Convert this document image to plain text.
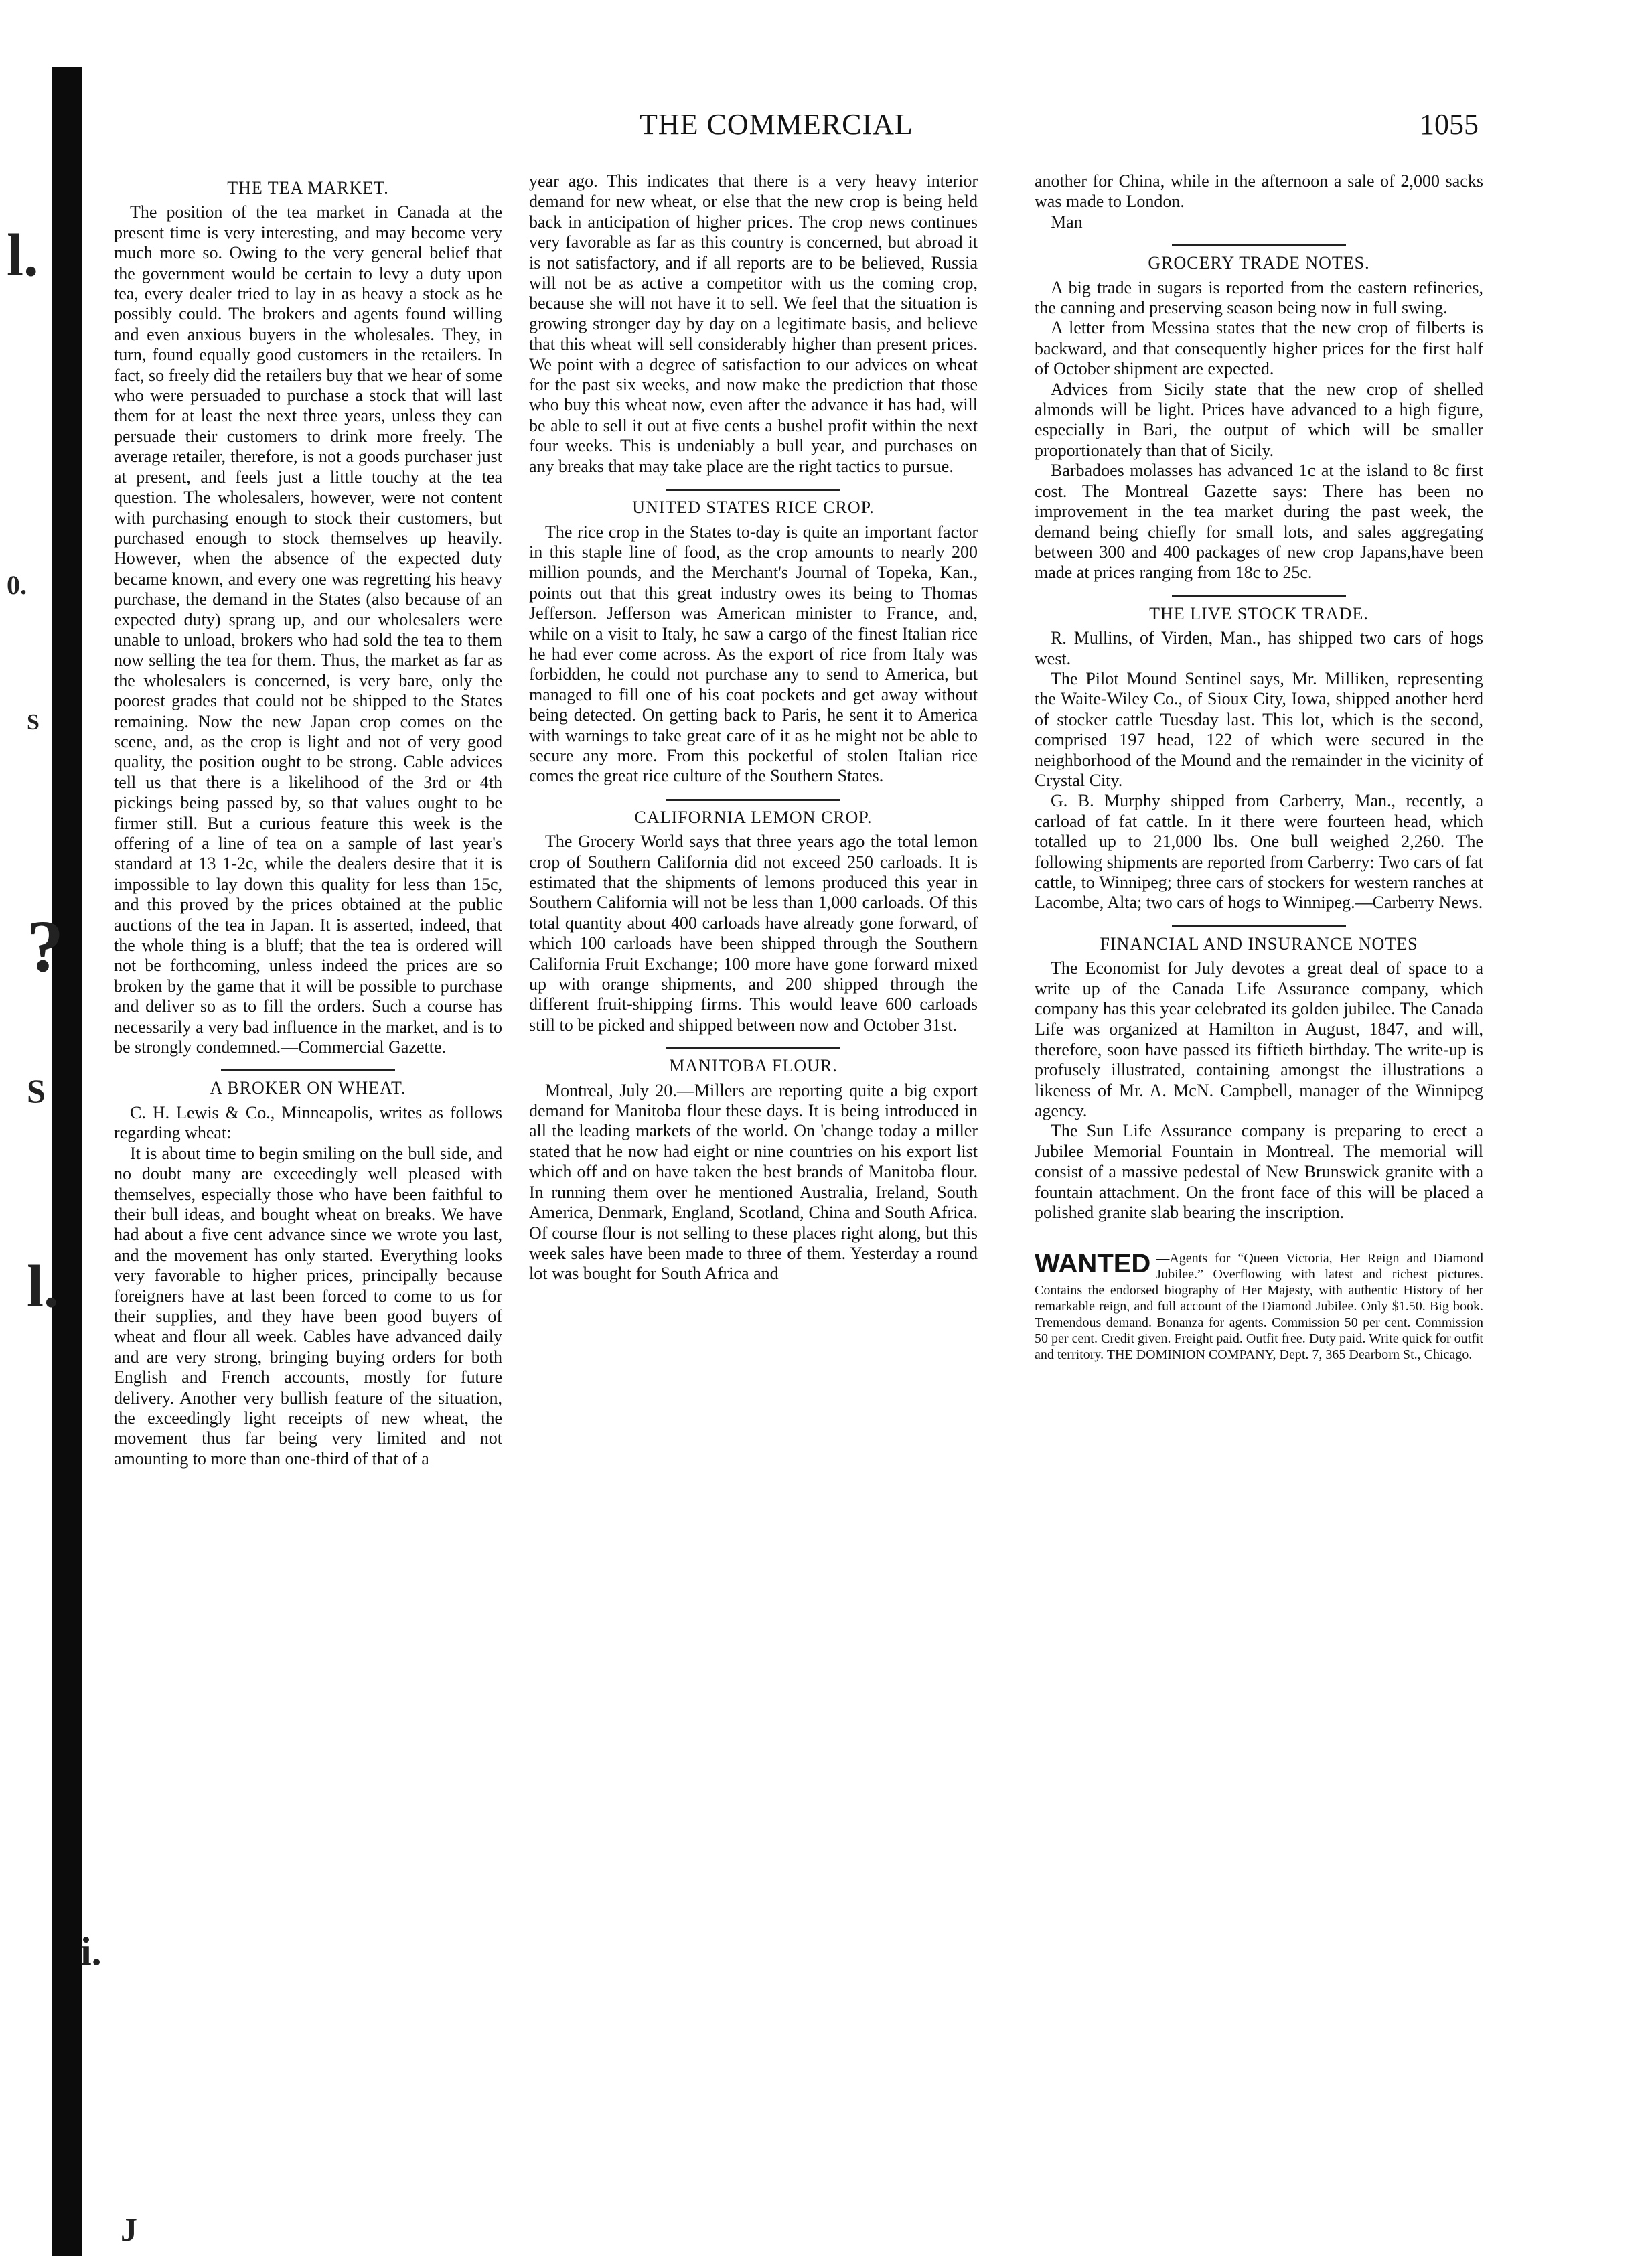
l.
0.
S
?
S
l.
i.
J
THE COMMERCIAL	1055
THE TEA MARKET.

The position of the tea market in Canada at the present time is very interesting, and may become very much more so. Owing to the very general belief that the government would be certain to levy a duty upon tea, every dealer tried to lay in as heavy a stock as he possibly could. The brokers and agents found willing and even anxious buyers in the wholesales. They, in turn, found equally good customers in the retailers. In fact, so freely did the retailers buy that we hear of some who were persuaded to purchase a stock that will last them for at least the next three years, unless they can persuade their customers to drink more freely. The average retailer, therefore, is not a goods purchaser just at present, and feels just a little touchy at the tea question. The wholesalers, however, were not content with purchasing enough to stock their customers, but purchased enough to stock themselves up heavily. However, when the absence of the expected duty became known, and every one was regretting his heavy purchase, the demand in the States (also because of an expected duty) sprang up, and our wholesalers were unable to unload, brokers who had sold the tea to them now selling the tea for them. Thus, the market as far as the wholesalers is concerned, is very bare, only the poorest grades that could not be shipped to the States remaining. Now the new Japan crop comes on the scene, and, as the crop is light and not of very good quality, the position ought to be strong. Cable advices tell us that there is a likelihood of the 3rd or 4th pickings being passed by, so that values ought to be firmer still. But a curious feature this week is the offering of a line of tea on a sample of last year's standard at 13 1-2c, while the dealers desire that it is impossible to lay down this quality for less than 15c, and this proved by the prices obtained at the public auctions of the tea in Japan. It is asserted, indeed, that the whole thing is a bluff; that the tea is ordered will not be forthcoming, unless indeed the prices are so broken by the game that it will be possible to purchase and deliver so as to fill the orders. Such a course has necessarily a very bad influence in the market, and is to be strongly condemned.—Commercial Gazette.

A BROKER ON WHEAT.

C. H. Lewis & Co., Minneapolis, writes as follows regarding wheat:

It is about time to begin smiling on the bull side, and no doubt many are exceedingly well pleased with themselves, especially those who have been faithful to their bull ideas, and bought wheat on breaks. We have had about a five cent advance since we wrote you last, and the movement has only started. Everything looks very favorable to higher prices, principally because foreigners have at last been forced to come to us for their supplies, and they have been good buyers of wheat and flour all week. Cables have advanced daily and are very strong, bringing buying orders for both English and French accounts, mostly for future delivery. Another very bullish feature of the situation, the exceedingly light receipts of new wheat, the movement thus far being very limited and not amounting to more than one-third of that of a

year ago. This indicates that there is a very heavy interior demand for new wheat, or else that the new crop is being held back in anticipation of higher prices. The crop news continues very favorable as far as this country is concerned, but abroad it is not satisfactory, and if all reports are to be believed, Russia will not be as active a competitor with us the coming crop, because she will not have it to sell. We feel that the situation is growing stronger day by day on a legitimate basis, and believe that this wheat will sell considerably higher than present prices. We point with a degree of satisfaction to our advices on wheat for the past six weeks, and now make the prediction that those who buy this wheat now, even after the advance it has had, will be able to sell it out at five cents a bushel profit within the next four weeks. This is undeniably a bull year, and purchases on any breaks that may take place are the right tactics to pursue.

UNITED STATES RICE CROP.

The rice crop in the States to-day is quite an important factor in this staple line of food, as the crop amounts to nearly 200 million pounds, and the Merchant's Journal of Topeka, Kan., points out that this great industry owes its being to Thomas Jefferson. Jefferson was American minister to France, and, while on a visit to Italy, he saw a cargo of the finest Italian rice he had ever come across. As the export of rice from Italy was forbidden, he could not purchase any to send to America, but managed to fill one of his coat pockets and get away without being detected. On getting back to Paris, he sent it to America with warnings to take great care of it as he might not be able to secure any more. From this pocketful of stolen Italian rice comes the great rice culture of the Southern States.

CALIFORNIA LEMON CROP.

The Grocery World says that three years ago the total lemon crop of Southern California did not exceed 250 carloads. It is estimated that the shipments of lemons produced this year in Southern California will not be less than 1,000 carloads. Of this total quantity about 400 carloads have already gone forward, of which 100 carloads have been shipped through the Southern California Fruit Exchange; 100 more have gone forward mixed up with orange shipments, and 200 shipped through the different fruit-shipping firms. This would leave 600 carloads still to be picked and shipped between now and October 31st.

MANITOBA FLOUR.

Montreal, July 20.—Millers are reporting quite a big export demand for Manitoba flour these days. It is being introduced in all the leading markets of the world. On 'change today a miller stated that he now had eight or nine countries on his export list which off and on have taken the best brands of Manitoba flour. In running them over he mentioned Australia, Ireland, South America, Denmark, England, Scotland, China and South Africa. Of course flour is not selling to these places right along, but this week sales have been made to three of them. Yesterday a round lot was bought for South Africa and

another for China, while in the afternoon a sale of 2,000 sacks was made to London.

Man

GROCERY TRADE NOTES.

A big trade in sugars is reported from the eastern refineries, the canning and preserving season being now in full swing.

A letter from Messina states that the new crop of filberts is backward, and that consequently higher prices for the first half of October shipment are expected.

Advices from Sicily state that the new crop of shelled almonds will be light. Prices have advanced to a high figure, especially in Bari, the output of which will be smaller proportionately than that of Sicily.

Barbadoes molasses has advanced 1c at the island to 8c first cost. The Montreal Gazette says: There has been no improvement in the tea market during the past week, the demand being chiefly for small lots, and sales aggregating between 300 and 400 packages of new crop Japans,have been made at prices ranging from 18c to 25c.

THE LIVE STOCK TRADE.

R. Mullins, of Virden, Man., has shipped two cars of hogs west.

The Pilot Mound Sentinel says, Mr. Milliken, representing the Waite-Wiley Co., of Sioux City, Iowa, shipped another herd of stocker cattle Tuesday last. This lot, which is the second, comprised 197 head, 122 of which were secured in the neighborhood of the Mound and the remainder in the vicinity of Crystal City.

G. B. Murphy shipped from Carberry, Man., recently, a carload of fat cattle. In it there were fourteen head, which totalled up to 21,000 lbs. One bull weighed 2,260. The following shipments are reported from Carberry: Two cars of fat cattle, to Winnipeg; three cars of stockers for western ranches at Lacombe, Alta; two cars of hogs to Winnipeg.—Carberry News.

FINANCIAL AND INSURANCE NOTES

The Economist for July devotes a great deal of space to a write up of the Canada Life Assurance company, which company has this year celebrated its golden jubilee. The Canada Life was organized at Hamilton in August, 1847, and will, therefore, soon have passed its fiftieth birthday. The write-up is profusely illustrated, containing amongst the illustrations a likeness of Mr. A. McN. Campbell, manager of the Winnipeg agency.

The Sun Life Assurance company is preparing to erect a Jubilee Memorial Fountain in Montreal. The memorial will consist of a massive pedestal of New Brunswick granite with a fountain attachment. On the front face of this will be placed a polished granite slab bearing the inscription.

WANTED —Agents for “Queen Victoria, Her Reign and Diamond Jubilee.” Overflowing with latest and richest pictures. Contains the endorsed biography of Her Majesty, with authentic History of her remarkable reign, and full account of the Diamond Jubilee. Only $1.50. Big book. Tremendous demand. Bonanza for agents. Commission 50 per cent. Commission 50 per cent. Credit given. Freight paid. Outfit free. Duty paid. Write quick for outfit and territory. THE DOMINION COMPANY, Dept. 7, 365 Dearborn St., Chicago.
